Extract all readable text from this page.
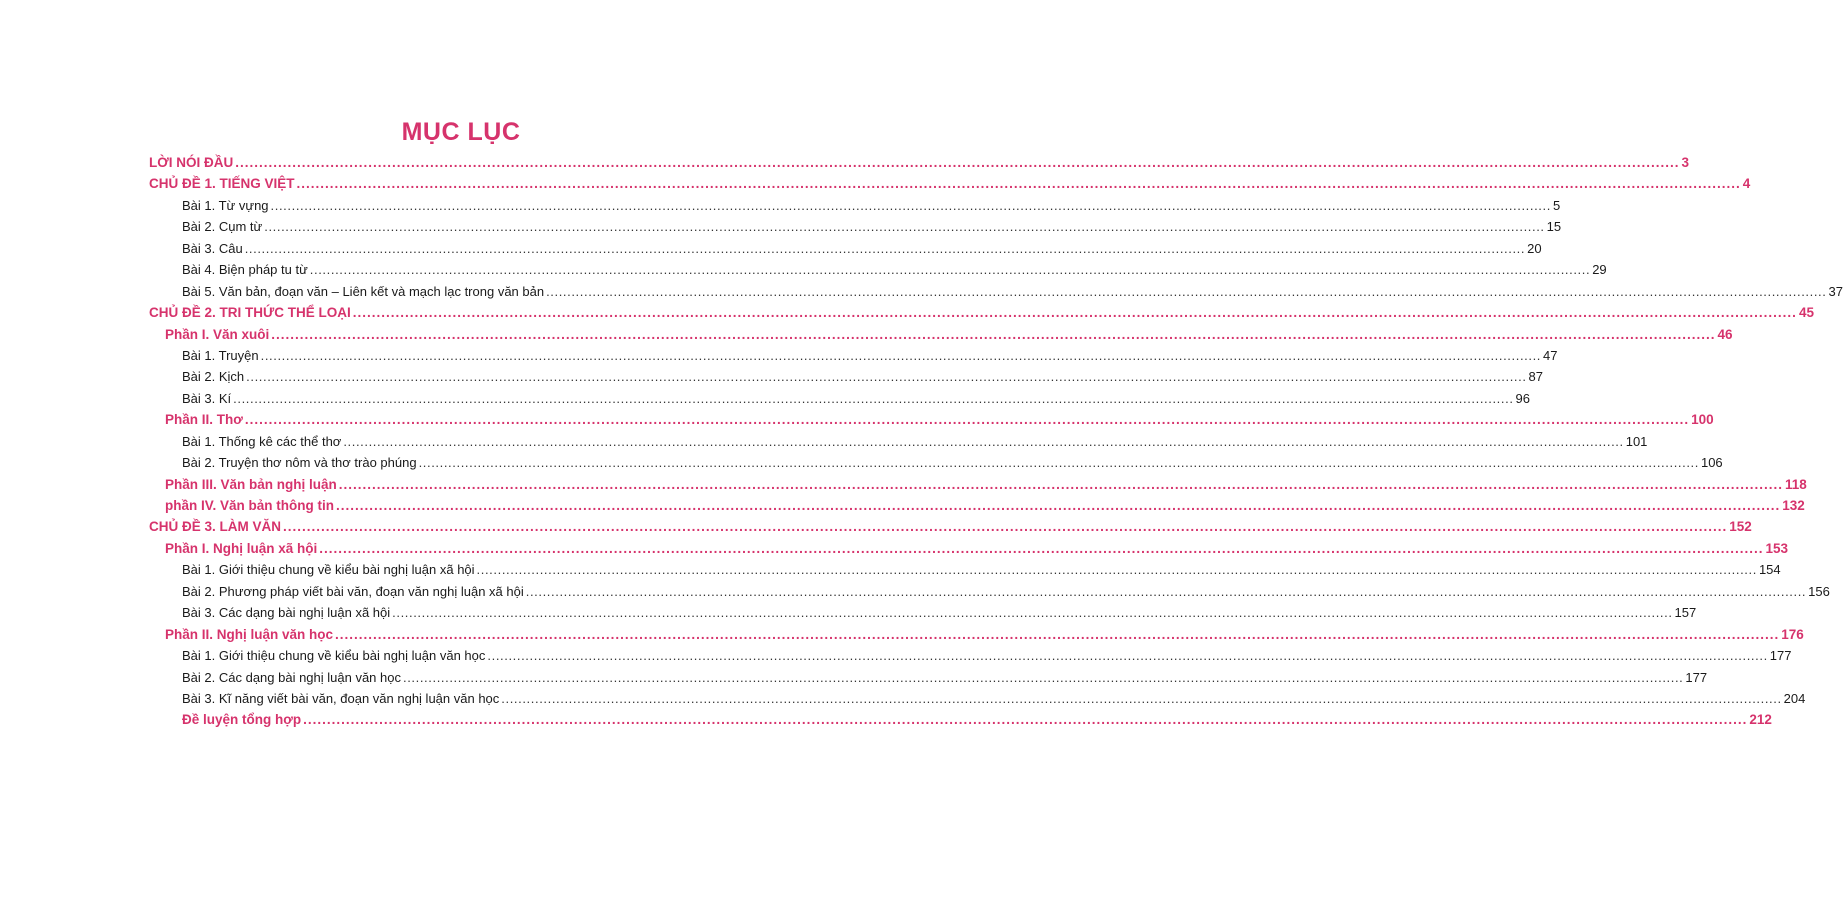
MỤC LỤC
LỜI NÓI ĐẦU .....	3
CHỦ ĐỀ 1. TIẾNG VIỆT .....	4
Bài 1. Từ vựng .....	5
Bài 2. Cụm từ .....	15
Bài 3. Câu .....	20
Bài 4. Biện pháp tu từ .....	29
Bài 5. Văn bản, đoạn văn – Liên kết và mạch lạc trong văn bản .....	37
CHỦ ĐỀ 2. TRI THỨC THỂ LOẠI .....	45
Phần I. Văn xuôi .....	46
Bài 1. Truyện .....	47
Bài 2. Kịch .....	87
Bài 3. Kí .....	96
Phần II. Thơ .....	100
Bài 1. Thống kê các thể thơ .....	101
Bài 2. Truyện thơ nôm và thơ trào phúng .....	106
Phần III. Văn bản nghị luận .....	118
phần IV. Văn bản thông tin .....	132
CHỦ ĐỀ 3. LÀM VĂN .....	152
Phần I. Nghị luận xã hội .....	153
Bài 1. Giới thiệu chung về kiểu bài nghị luận xã hội .....	154
Bài 2. Phương pháp viết bài văn, đoạn văn nghị luận xã hội .....	156
Bài 3. Các dạng bài nghị luận xã hội .....	157
Phần II. Nghị luận văn học .....	176
Bài 1. Giới thiệu chung về kiểu bài nghị luận văn học .....	177
Bài 2. Các dạng bài nghị luận văn học .....	177
Bài 3. Kĩ năng viết bài văn, đoạn văn nghị luận văn học .....	204
Đề luyện tổng hợp .....	212
